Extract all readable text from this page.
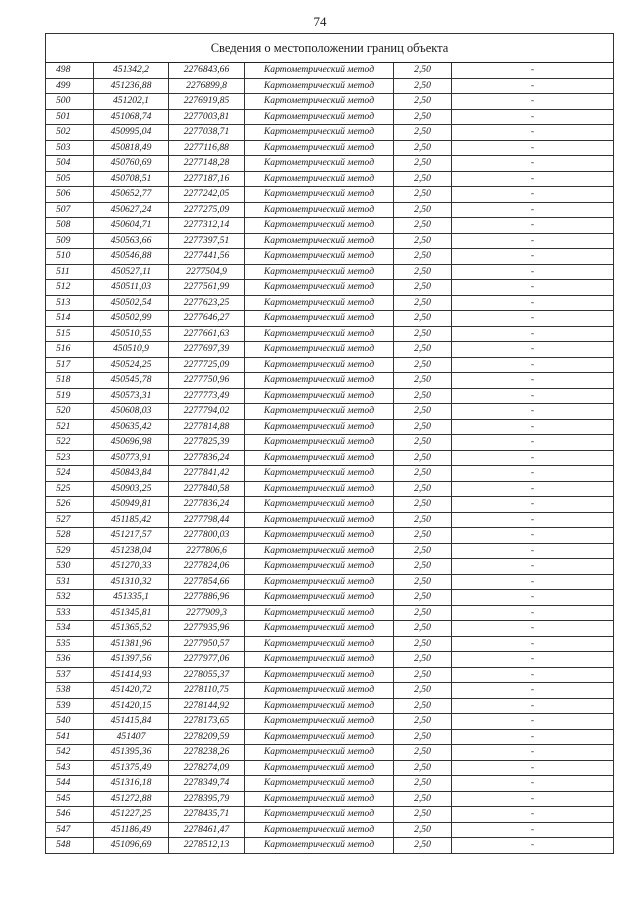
74
Сведения о местоположении границ объекта					
498	451342,2	2276843,66	Картометрический метод	2,50	-
499	451236,88	2276899,8	Картометрический метод	2,50	-
500	451202,1	2276919,85	Картометрический метод	2,50	-
501	451068,74	2277003,81	Картометрический метод	2,50	-
502	450995,04	2277038,71	Картометрический метод	2,50	-
503	450818,49	2277116,88	Картометрический метод	2,50	-
504	450760,69	2277148,28	Картометрический метод	2,50	-
505	450708,51	2277187,16	Картометрический метод	2,50	-
506	450652,77	2277242,05	Картометрический метод	2,50	-
507	450627,24	2277275,09	Картометрический метод	2,50	-
508	450604,71	2277312,14	Картометрический метод	2,50	-
509	450563,66	2277397,51	Картометрический метод	2,50	-
510	450546,88	2277441,56	Картометрический метод	2,50	-
511	450527,11	2277504,9	Картометрический метод	2,50	-
512	450511,03	2277561,99	Картометрический метод	2,50	-
513	450502,54	2277623,25	Картометрический метод	2,50	-
514	450502,99	2277646,27	Картометрический метод	2,50	-
515	450510,55	2277661,63	Картометрический метод	2,50	-
516	450510,9	2277697,39	Картометрический метод	2,50	-
517	450524,25	2277725,09	Картометрический метод	2,50	-
518	450545,78	2277750,96	Картометрический метод	2,50	-
519	450573,31	2277773,49	Картометрический метод	2,50	-
520	450608,03	2277794,02	Картометрический метод	2,50	-
521	450635,42	2277814,88	Картометрический метод	2,50	-
522	450696,98	2277825,39	Картометрический метод	2,50	-
523	450773,91	2277836,24	Картометрический метод	2,50	-
524	450843,84	2277841,42	Картометрический метод	2,50	-
525	450903,25	2277840,58	Картометрический метод	2,50	-
526	450949,81	2277836,24	Картометрический метод	2,50	-
527	451185,42	2277798,44	Картометрический метод	2,50	-
528	451217,57	2277800,03	Картометрический метод	2,50	-
529	451238,04	2277806,6	Картометрический метод	2,50	-
530	451270,33	2277824,06	Картометрический метод	2,50	-
531	451310,32	2277854,66	Картометрический метод	2,50	-
532	451335,1	2277886,96	Картометрический метод	2,50	-
533	451345,81	2277909,3	Картометрический метод	2,50	-
534	451365,52	2277935,96	Картометрический метод	2,50	-
535	451381,96	2277950,57	Картометрический метод	2,50	-
536	451397,56	2277977,06	Картометрический метод	2,50	-
537	451414,93	2278055,37	Картометрический метод	2,50	-
538	451420,72	2278110,75	Картометрический метод	2,50	-
539	451420,15	2278144,92	Картометрический метод	2,50	-
540	451415,84	2278173,65	Картометрический метод	2,50	-
541	451407	2278209,59	Картометрический метод	2,50	-
542	451395,36	2278238,26	Картометрический метод	2,50	-
543	451375,49	2278274,09	Картометрический метод	2,50	-
544	451316,18	2278349,74	Картометрический метод	2,50	-
545	451272,88	2278395,79	Картометрический метод	2,50	-
546	451227,25	2278435,71	Картометрический метод	2,50	-
547	451186,49	2278461,47	Картометрический метод	2,50	-
548	451096,69	2278512,13	Картометрический метод	2,50	-
